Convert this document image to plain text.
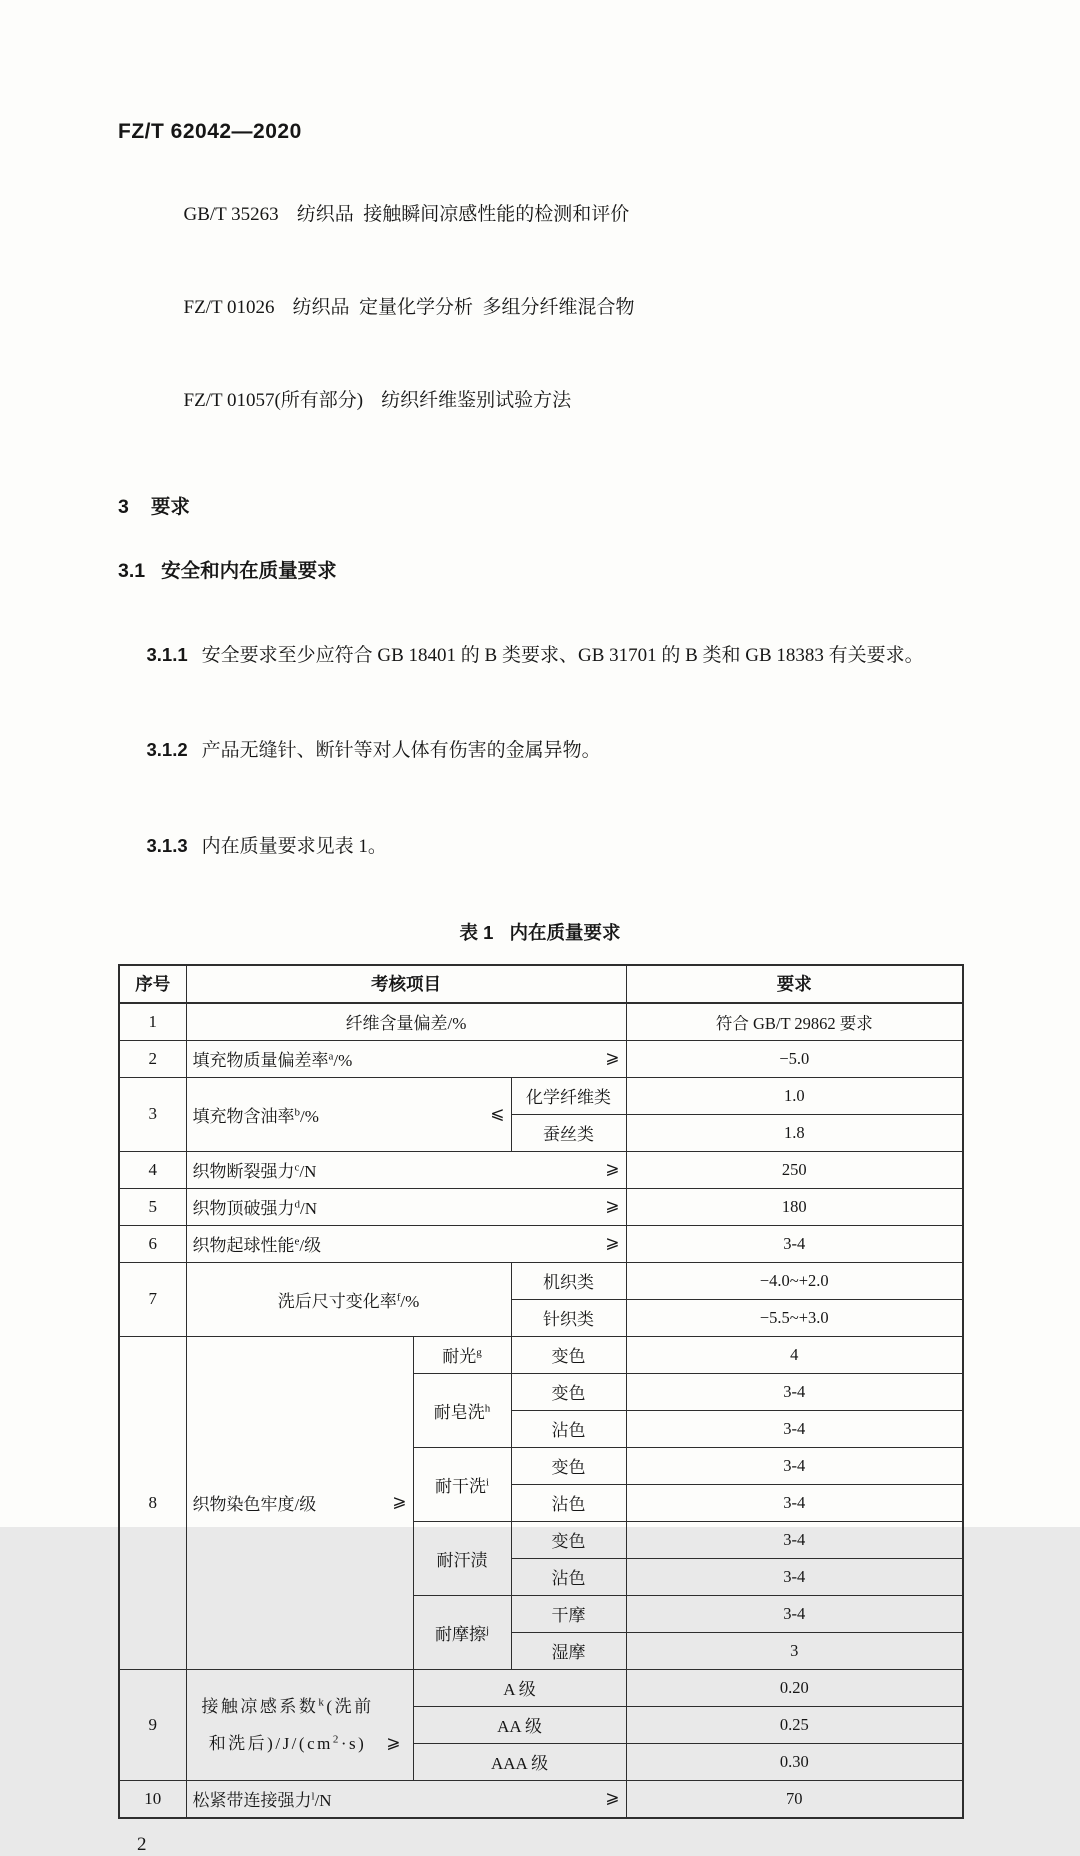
FZ/T 62042—2020

GB/T 35263 纺织品  接触瞬间凉感性能的检测和评价

FZ/T 01026 纺织品  定量化学分析  多组分纤维混合物

FZ/T 01057(所有部分) 纺织纤维鉴别试验方法

3 要求
3.1 安全和内在质量要求

3.1.1 安全要求至少应符合 GB 18401 的 B 类要求、GB 31701 的 B 类和 GB 18383 有关要求。

3.1.2 产品无缝针、断针等对人体有伤害的金属异物。

3.1.3 内在质量要求见表 1。

表 1 内在质量要求
序号	考核项目			要求
1	纤维含量偏差/%			符合 GB/T 29862 要求
2	填充物质量偏差率$^a$/% ⩾			−5.0
3	填充物含油率$^b$/% ⩽		化学纤维类	1.0
			蚕丝类	1.8
4	织物断裂强力$^c$/N ⩾			250
5	织物顶破强力$^d$/N ⩾			180
6	织物起球性能$^e$/级 ⩾			3-4
7	洗后尺寸变化率$^f$/%		机织类	−4.0~+2.0
			针织类	−5.5~+3.0
8	织物染色牢度/级 ⩾	耐光$^g$	变色	4
		耐皂洗$^h$	变色	3-4
			沾色	3-4
		耐干洗$^i$	变色	3-4
			沾色	3-4
		耐汗渍	变色	3-4
			沾色	3-4
		耐摩擦$^j$	干摩	3-4
			湿摩	3
9	接触凉感系数$^k$(洗前和洗后)$/J/(cm^2\cdot s)$ ⩾	A 级		0.20
		AA 级		0.25
		AAA 级		0.30
10	松紧带连接强力$^l$/N ⩾			70
2
